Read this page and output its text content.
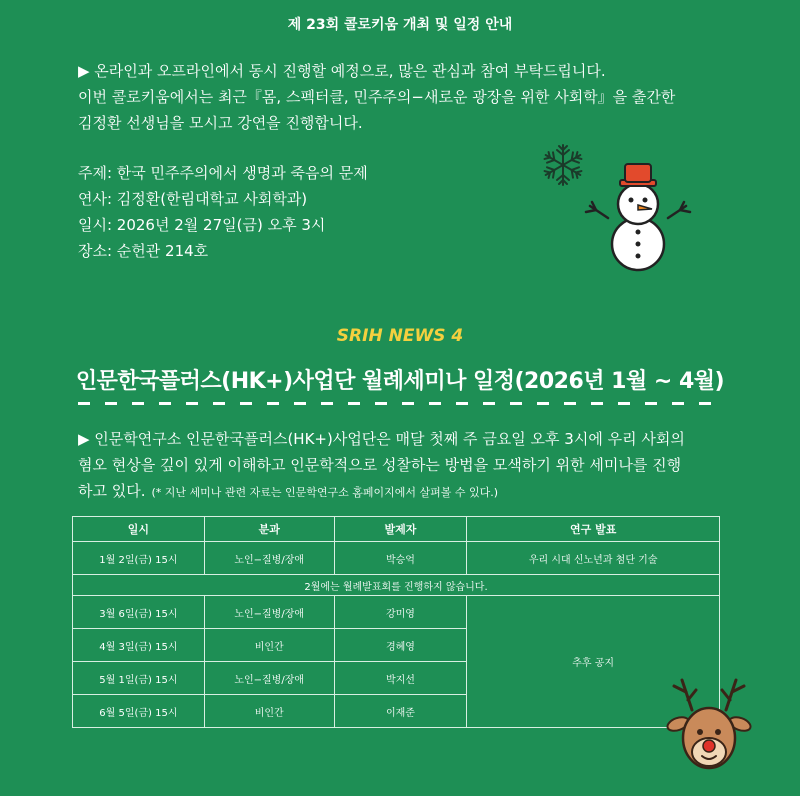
제 23회 콜로키움 개최 및 일정 안내

▶ 온라인과 오프라인에서 동시 진행할 예정으로, 많은 관심과 참여 부탁드립니다.

이번 콜로키움에서는 최근『몸, 스펙터클, 민주주의−새로운 광장을 위한 사회학』을 출간한

김정환 선생님을 모시고 강연을 진행합니다.

주제: 한국 민주주의에서 생명과 죽음의 문제

연사: 김정환(한림대학교 사회학과)

일시: 2026년 2월 27일(금) 오후 3시

장소: 순헌관 214호

SRIH NEWS 4
인문한국플러스(HK+)사업단 월례세미나 일정(2026년 1월 ~ 4월)
▶ 인문학연구소 인문한국플러스(HK+)사업단은 매달 첫째 주 금요일 오후 3시에 우리 사회의
혐오 현상을 깊이 있게 이해하고 인문학적으로 성찰하는 방법을 모색하기 위한 세미나를 진행
하고 있다. (* 지난 세미나 관련 자료는 인문학연구소 홈페이지에서 살펴볼 수 있다.)
일시	분과	발제자	연구 발표
1월 2일(금) 15시	노인−질병/장애	박승억	우리 시대 신노년과 첨단 기술
2월에는 월례발표회를 진행하지 않습니다.			
3월 6일(금) 15시	노인−질병/장애	강미영	추후 공지
4월 3일(금) 15시	비인간	경혜영	
5월 1일(금) 15시	노인−질병/장애	박지선	
6월 5일(금) 15시	비인간	이재준	
